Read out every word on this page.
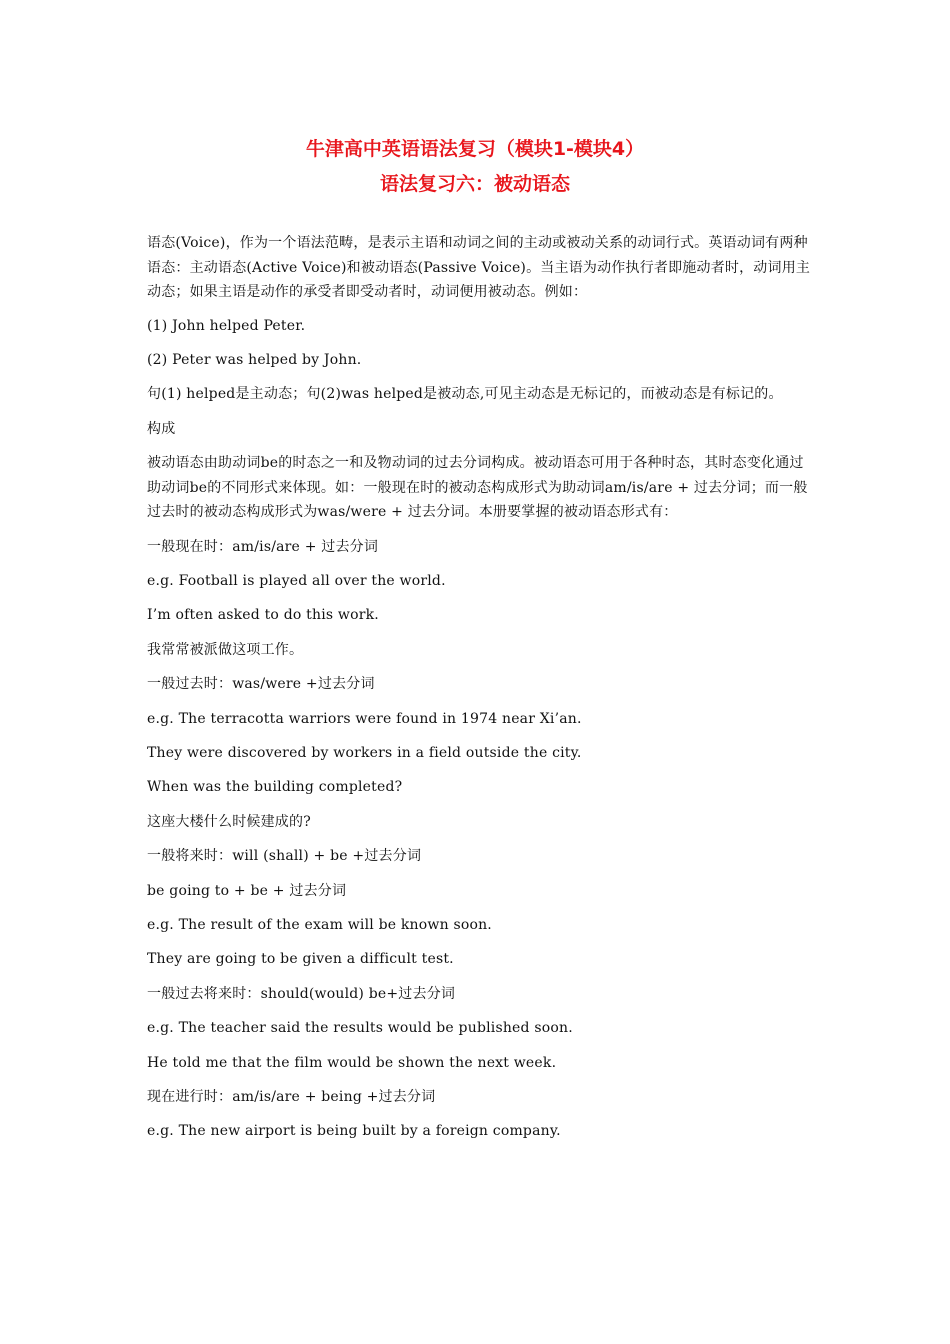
牛津高中英语语法复习（模块1-模块4）
语法复习六：被动语态

语态(Voice)，作为一个语法范畴，是表示主语和动词之间的主动或被动关系的动词行式。英语动词有两种语态：主动语态(Active Voice)和被动语态(Passive Voice)。当主语为动作执行者即施动者时，动词用主动态；如果主语是动作的承受者即受动者时，动词便用被动态。例如：

(1) John helped Peter.

(2) Peter was helped by John.

句(1) helped是主动态；句(2)was helped是被动态,可见主动态是无标记的，而被动态是有标记的。

构成

被动语态由助动词be的时态之一和及物动词的过去分词构成。被动语态可用于各种时态，其时态变化通过助动词be的不同形式来体现。如：一般现在时的被动态构成形式为助动词am/is/are + 过去分词；而一般过去时的被动态构成形式为was/were + 过去分词。本册要掌握的被动语态形式有：

一般现在时：am/is/are + 过去分词

e.g. Football is played all over the world.

I’m often asked to do this work.

我常常被派做这项工作。

一般过去时：was/were +过去分词

e.g. The terracotta warriors were found in 1974 near Xi’an.

They were discovered by workers in a field outside the city.

When was the building completed?

这座大楼什么时候建成的?

一般将来时：will (shall) + be +过去分词

be going to + be + 过去分词

e.g. The result of the exam will be known soon.

They are going to be given a difficult test.

一般过去将来时：should(would) be+过去分词

e.g. The teacher said the results would be published soon.

He told me that the film would be shown the next week.

现在进行时：am/is/are + being +过去分词

e.g. The new airport is being built by a foreign company.
